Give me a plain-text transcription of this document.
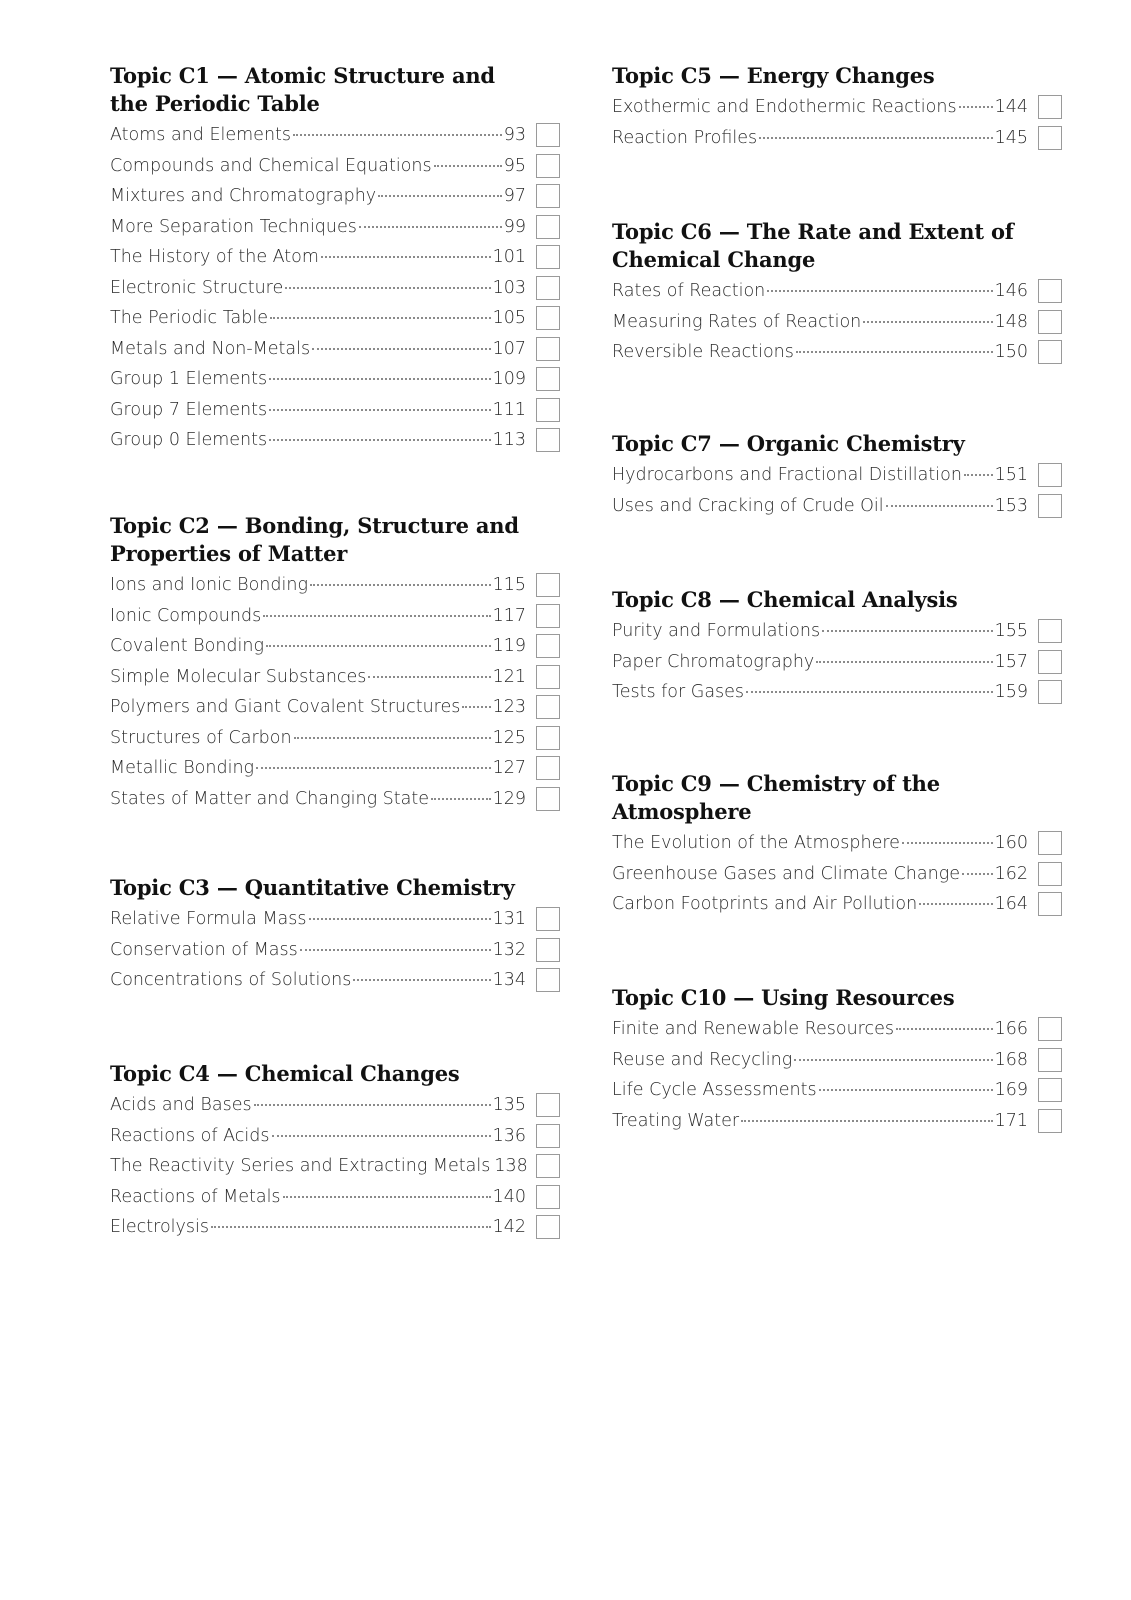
Topic C1 — Atomic Structure and the Periodic Table
Atoms and Elements	93
Compounds and Chemical Equations	95
Mixtures and Chromatography	97
More Separation Techniques	99
The History of the Atom	101
Electronic Structure	103
The Periodic Table	105
Metals and Non-Metals	107
Group 1 Elements	109
Group 7 Elements	111
Group 0 Elements	113
Topic C2 — Bonding, Structure and Properties of Matter
Ions and Ionic Bonding	115
Ionic Compounds	117
Covalent Bonding	119
Simple Molecular Substances	121
Polymers and Giant Covalent Structures 123
Structures of Carbon	125
Metallic Bonding	127
States of Matter and Changing State	129
Topic C3 — Quantitative Chemistry
Relative Formula Mass	131
Conservation of Mass	132
Concentrations of Solutions	134
Topic C4 — Chemical Changes
Acids and Bases	135
Reactions of Acids	136
The Reactivity Series and Extracting Metals 138
Reactions of Metals	140
Electrolysis	142
Topic C5 — Energy Changes
Exothermic and Endothermic Reactions 144
Reaction Profiles	145
Topic C6 — The Rate and Extent of Chemical Change
Rates of Reaction	146
Measuring Rates of Reaction	148
Reversible Reactions	150
Topic C7 — Organic Chemistry
Hydrocarbons and Fractional Distillation 151
Uses and Cracking of Crude Oil	153
Topic C8 — Chemical Analysis
Purity and Formulations	155
Paper Chromatography	157
Tests for Gases	159
Topic C9 — Chemistry of the Atmosphere
The Evolution of the Atmosphere	160
Greenhouse Gases and Climate Change 162
Carbon Footprints and Air Pollution	164
Topic C10 — Using Resources
Finite and Renewable Resources	166
Reuse and Recycling	168
Life Cycle Assessments	169
Treating Water	171
